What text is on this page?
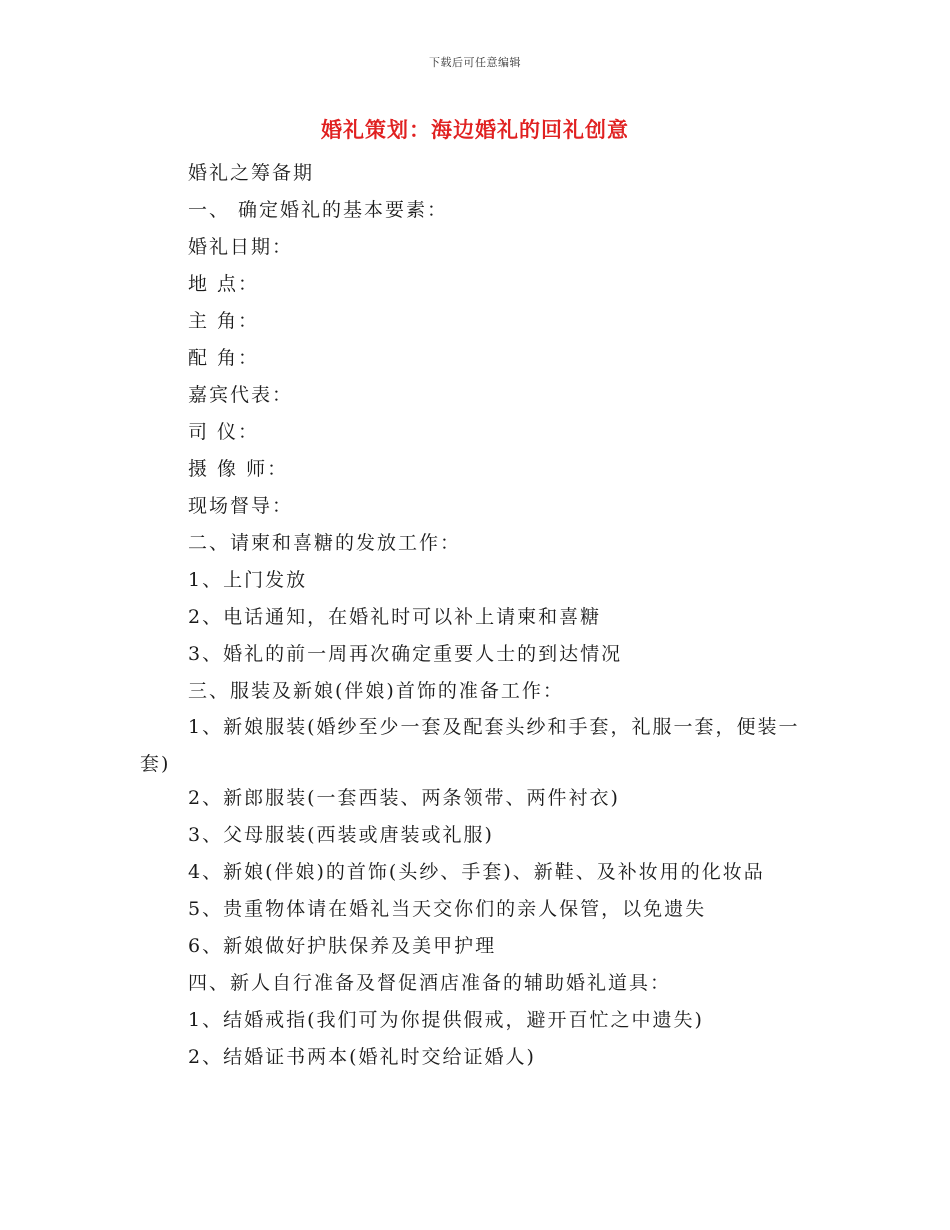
下载后可任意编辑
婚礼策划：海边婚礼的回礼创意
婚礼之筹备期
一、 确定婚礼的基本要素：
婚礼日期：
地 点：
主 角：
配 角：
嘉宾代表：
司 仪：
摄 像 师：
现场督导：
二、请柬和喜糖的发放工作：
1、上门发放
2、电话通知，在婚礼时可以补上请柬和喜糖
3、婚礼的前一周再次确定重要人士的到达情况
三、服装及新娘(伴娘)首饰的准备工作：
1、新娘服装(婚纱至少一套及配套头纱和手套，礼服一套，便装一套)
2、新郎服装(一套西装、两条领带、两件衬衣)
3、父母服装(西装或唐装或礼服)
4、新娘(伴娘)的首饰(头纱、手套)、新鞋、及补妆用的化妆品
5、贵重物体请在婚礼当天交你们的亲人保管，以免遗失
6、新娘做好护肤保养及美甲护理
四、新人自行准备及督促酒店准备的辅助婚礼道具：
1、结婚戒指(我们可为你提供假戒，避开百忙之中遗失)
2、结婚证书两本(婚礼时交给证婚人)
